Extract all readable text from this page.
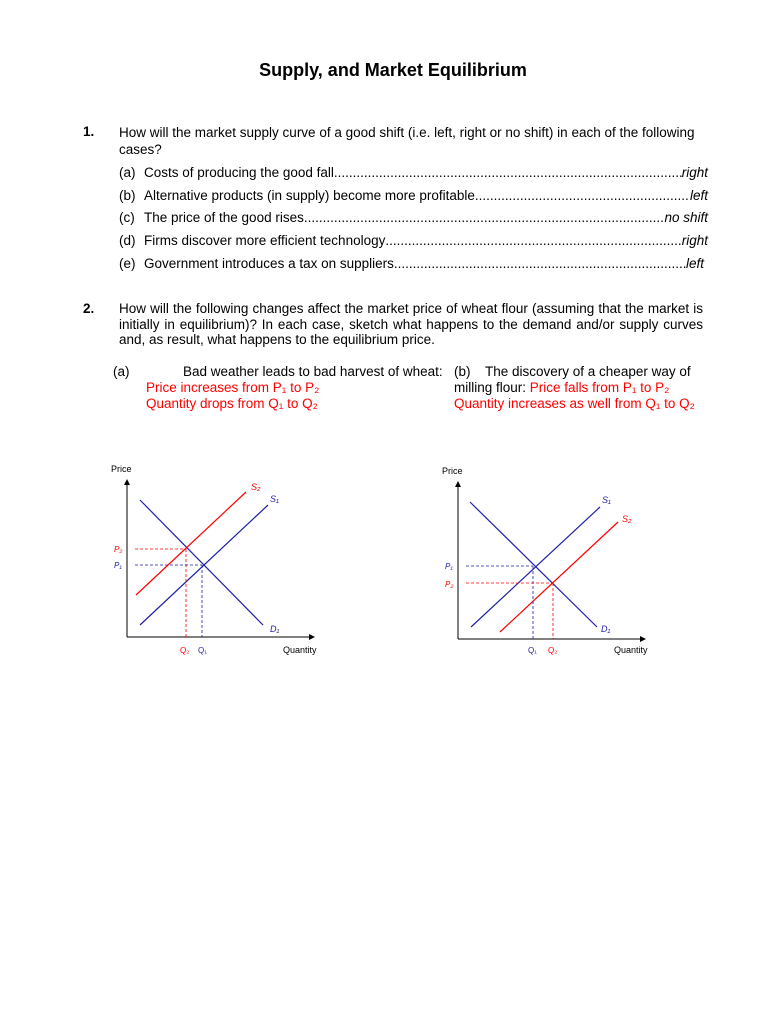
Supply, and Market Equilibrium
1. How will the market supply curve of a good shift (i.e. left, right or no shift) in each of the following cases?
(a) Costs of producing the good fall .....	right
(b) Alternative products (in supply) become more profitable .....	left
(c) The price of the good rises .....	no shift
(d) Firms discover more efficient technology .....	right
(e) Government introduces a tax on suppliers .....	left
2. How will the following changes affect the market price of wheat flour (assuming that the market is initially in equilibrium)? In each case, sketch what happens to the demand and/or supply curves and, as result, what happens to the equilibrium price.
(a)	Bad weather leads to bad harvest of wheat:
Price increases from P₁ to P₂
Quantity drops from Q₁ to Q₂
(b) The discovery of a cheaper way of
milling flour: Price falls from P₁ to P₂
Quantity increases as well from Q₁ to Q₂
Price
Quantity
S₂
S₁
D₁
P₂
P₁
Q₂ Q₁
Price
Quantity
S₁
S₂
D₁
P₁
P₂
Q₁ Q₂
